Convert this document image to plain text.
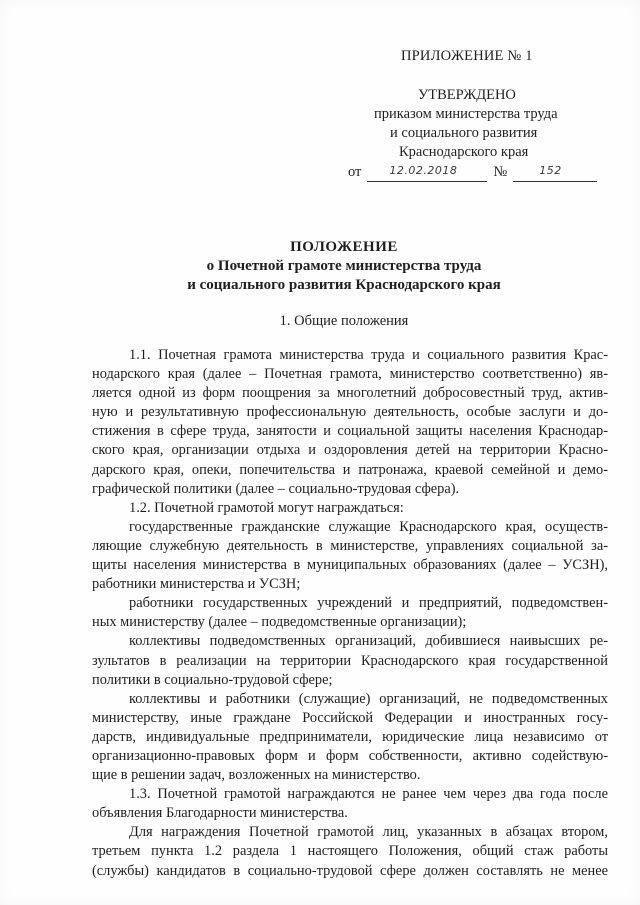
ПРИЛОЖЕНИЕ № 1
УТВЕРЖДЕНО
приказом министерства труда
и социального развития
Краснодарского края
от	12.02.2018 №	152
ПОЛОЖЕНИЕ
о Почетной грамоте министерства труда
и социального развития Краснодарского края
1. Общие положения
1.1. Почетная грамота министерства труда и социального развития Крас-
нодарского края (далее – Почетная грамота, министерство соответственно) яв-
ляется одной из форм поощрения за многолетний добросовестный труд, актив-
ную и результативную профессиональную деятельность, особые заслуги и до-
стижения в сфере труда, занятости и социальной защиты населения Краснодар-
ского края, организации отдыха и оздоровления детей на территории Красно-
дарского края, опеки, попечительства и патронажа, краевой семейной и демо-
графической политики (далее – социально-трудовая сфера).
1.2. Почетной грамотой могут награждаться:
государственные гражданские служащие Краснодарского края, осуществ-
ляющие служебную деятельность в министерстве, управлениях социальной за-
щиты населения министерства в муниципальных образованиях (далее – УСЗН),
работники министерства и УСЗН;
работники государственных учреждений и предприятий, подведомствен-
ных министерству (далее – подведомственные организации);
коллективы подведомственных организаций, добившиеся наивысших ре-
зультатов в реализации на территории Краснодарского края государственной
политики в социально-трудовой сфере;
коллективы и работники (служащие) организаций, не подведомственных
министерству, иные граждане Российской Федерации и иностранных госу-
дарств, индивидуальные предприниматели, юридические лица независимо от
организационно-правовых форм и форм собственности, активно содействую-
щие в решении задач, возложенных на министерство.
1.3. Почетной грамотой награждаются не ранее чем через два года после
объявления Благодарности министерства.
Для награждения Почетной грамотой лиц, указанных в абзацах втором,
третьем пункта 1.2 раздела 1 настоящего Положения, общий стаж работы
(службы) кандидатов в социально-трудовой сфере должен составлять не менее
